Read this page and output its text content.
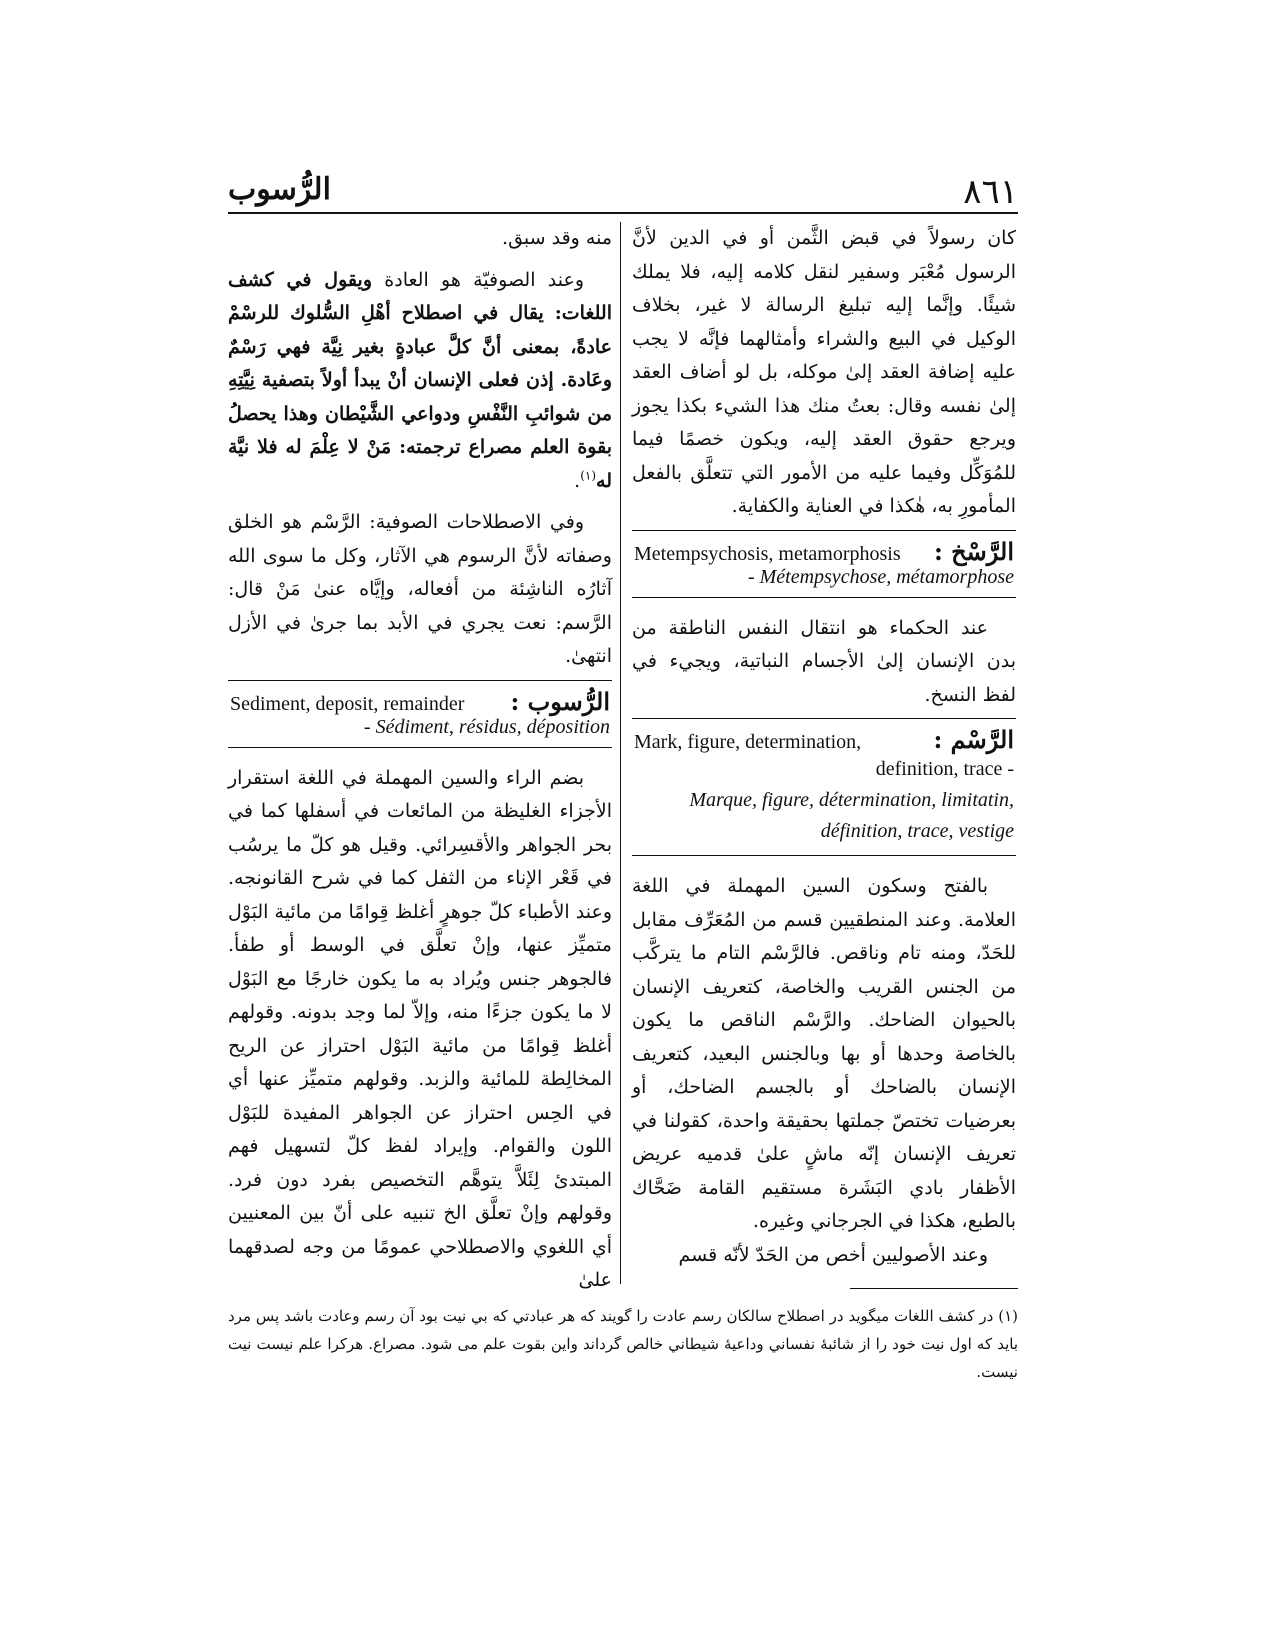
٨٦١
الرُّسوب

كان رسولاً في قبض الثَّمن أو في الدين لأنَّ الرسول مُعْبَر وسفير لنقل كلامه إليه، فلا يملك شيئًا. وإنَّما إليه تبليغ الرسالة لا غير، بخلاف الوكيل في البيع والشراء وأمثالهما فإنَّه لا يجب عليه إضافة العقد إلىٰ موكله، بل لو أضاف العقد إلىٰ نفسه وقال: بعتُ منك هذا الشيء بكذا يجوز ويرجع حقوق العقد إليه، ويكون خصمًا فيما للمُوَكِّل وفيما عليه من الأمور التي تتعلَّق بالفعل المأمورِ به، هٰكذا في العناية والكفاية.

Metempsychosis, metamorphosis الرَّسْخ :
- Métempsychose, métamorphose

عند الحكماء هو انتقال النفس الناطقة من بدن الإنسان إلىٰ الأجسام النباتية، ويجيء في لفظ النسخ.

Mark, figure, determination,	الرَّسْم :
definition, trace -
Marque, figure, détermination, limitatin, définition, trace, vestige

بالفتح وسكون السين المهملة في اللغة العلامة. وعند المنطقيين قسم من المُعَرِّف مقابل للحَدّ، ومنه تام وناقص. فالرَّسْم التام ما يتركَّب من الجنس القريب والخاصة، كتعريف الإنسان بالحيوان الضاحك. والرَّسْم الناقص ما يكون بالخاصة وحدها أو بها وبالجنس البعيد، كتعريف الإنسان بالضاحك أو بالجسم الضاحك، أو بعرضيات تختصّ جملتها بحقيقة واحدة، كقولنا في تعريف الإنسان إنّه ماشٍ علىٰ قدميه عريض الأظفار بادي البَشَرة مستقيم القامة ضَحَّاك بالطبع، هكذا في الجرجاني وغيره.

وعند الأصوليين أخص من الحَدّ لأنّه قسم

منه وقد سبق.

وعند الصوفيّة هو العادة ويقول في كشف اللغات: يقال في اصطلاح أهْلِ السُّلوك للرسْمْ عادةً، بمعنى أنَّ كلَّ عبادةٍ بغير نِيَّة فهي رَسْمٌ وعَادة. إذن فعلى الإنسان أنْ يبدأ أولاً بتصفية نِيَّتِهِ من شوائبِ النَّفْسِ ودواعي الشَّيْطان وهذا يحصلُ بقوة العلم مصراع ترجمته: مَنْ لا عِلْمَ له فلا نيَّة له$^{(١)}$.

وفي الاصطلاحات الصوفية: الرَّسْم هو الخلق وصفاته لأنَّ الرسوم هي الآثار، وكل ما سوى الله آثارُه الناشِئة من أفعاله، وإيَّاه عنىٰ مَنْ قال: الرَّسم: نعت يجري في الأبد بما جرىٰ في الأزل انتهىٰ.

Sediment, deposit, remainder الرُّسوب :
- Sédiment, résidus, déposition

بضم الراء والسين المهملة في اللغة استقرار الأجزاء الغليظة من المائعات في أسفلها كما في بحر الجواهر والأقسِرائي. وقيل هو كلّ ما يرسُب في قَعْر الإناء من الثفل كما في شرح القانونجه. وعند الأطباء كلّ جوهرٍ أغلظ قِوامًا من مائية البَوْل متميِّز عنها، وإنْ تعلَّق في الوسط أو طفأ. فالجوهر جنس ويُراد به ما يكون خارجًا مع البَوْل لا ما يكون جزءًا منه، وإلاّ لما وجد بدونه. وقولهم أغلظ قِوامًا من مائية البَوْل احتراز عن الريح المخالِطة للمائية والزبد. وقولهم متميِّز عنها أي في الحِس احتراز عن الجواهر المفيدة للبَوْل اللون والقوام. وإيراد لفظ كلّ لتسهيل فهم المبتدئ لِئَلاَّ يتوهَّم التخصيص بفرد دون فرد. وقولهم وإنْ تعلَّق الخ تنبيه على أنّ بين المعنيين أي اللغوي والاصطلاحي عمومًا من وجه لصدقهما علىٰ

(١) در كشف اللغات ميگويد در اصطلاح سالكان رسم عادت را گويند كه هر عبادتي كه بي نيت بود آن رسم وعادت باشد پس مرد بايد كه اول نيت خود را از شائبهٔ نفساني وداعيهٔ شيطاني خالص گرداند واين بقوت علم مى شود. مصراع. هركرا علم نيست نيت نيست.
